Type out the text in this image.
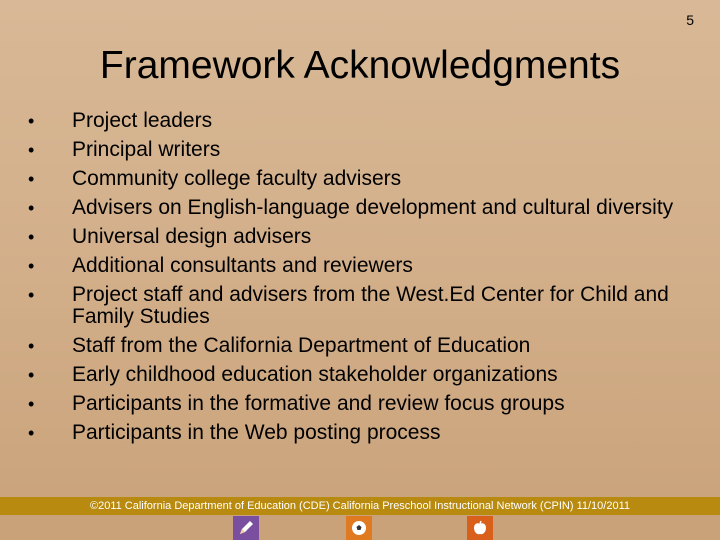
5
Framework Acknowledgments
•	Project leaders
•	Principal writers
•	Community college faculty advisers
•	Advisers on English-language development and cultural diversity
•	Universal design advisers
•	Additional consultants and reviewers
•	Project staff and advisers from the West.Ed Center for Child and Family Studies
•	Staff from the California Department of Education
•	Early childhood education stakeholder organizations
•	Participants in the formative and review focus groups
•	Participants in the Web posting process
©2011 California Department of Education (CDE) California Preschool Instructional Network (CPIN) 11/10/2011
